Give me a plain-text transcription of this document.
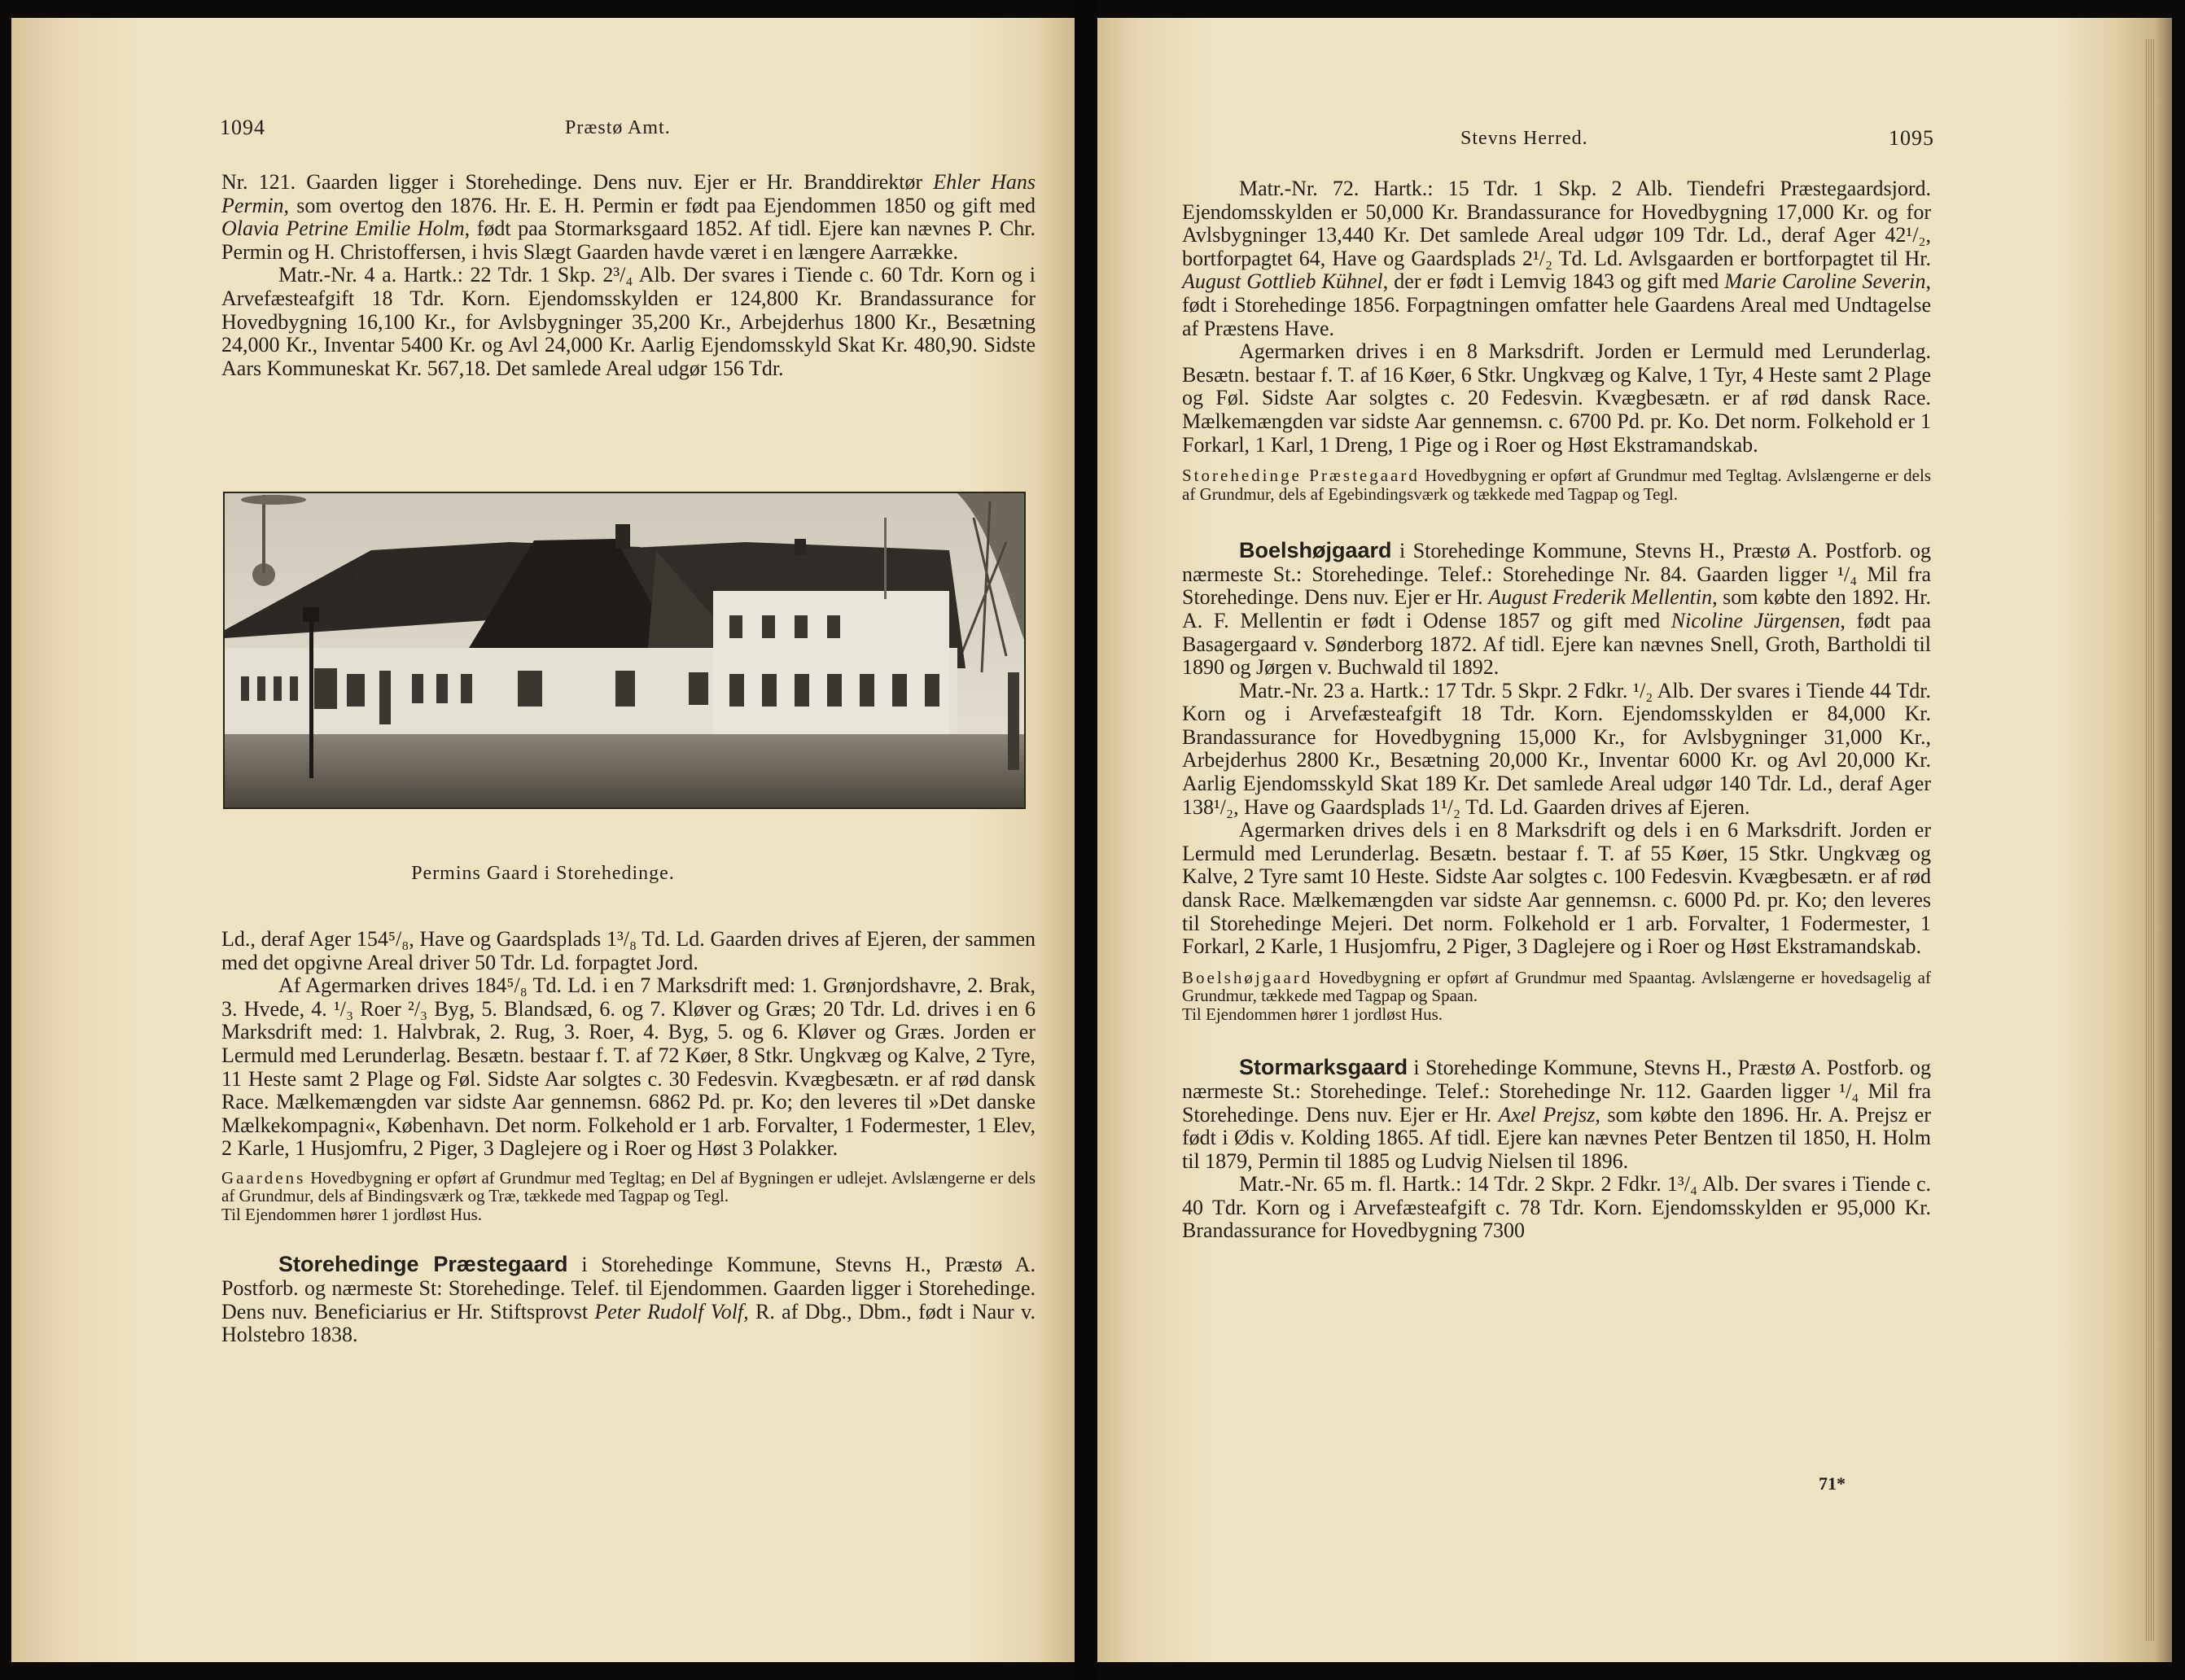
1094	Præstø Amt.

Nr. 121. Gaarden ligger i Storehedinge. Dens nuv. Ejer er Hr. Branddirektør Ehler Hans Permin, som overtog den 1876. Hr. E. H. Permin er født paa Ejendommen 1850 og gift med Olavia Petrine Emilie Holm, født paa Stormarksgaard 1852. Af tidl. Ejere kan nævnes P. Chr. Permin og H. Christoffersen, i hvis Slægt Gaarden havde været i en længere Aarrække.

Matr.-Nr. 4 a. Hartk.: 22 Tdr. 1 Skp. 2³/₄ Alb. Der svares i Tiende c. 60 Tdr. Korn og i Arvefæsteafgift 18 Tdr. Korn. Ejendomsskylden er 124,800 Kr. Brandassurance for Hovedbygning 16,100 Kr., for Avlsbygninger 35,200 Kr., Arbejderhus 1800 Kr., Besætning 24,000 Kr., Inventar 5400 Kr. og Avl 24,000 Kr. Aarlig Ejendomsskyld Skat Kr. 480,90. Sidste Aars Kommuneskat Kr. 567,18. Det samlede Areal udgør 156 Tdr.

Permins Gaard i Storehedinge.

Ld., deraf Ager 154⁵/₈, Have og Gaardsplads 1³/₈ Td. Ld. Gaarden drives af Ejeren, der sammen med det opgivne Areal driver 50 Tdr. Ld. forpagtet Jord.

Af Agermarken drives 184⁵/₈ Td. Ld. i en 7 Marksdrift med: 1. Grønjordshavre, 2. Brak, 3. Hvede, 4. ¹/₃ Roer ²/₃ Byg, 5. Blandsæd, 6. og 7. Kløver og Græs; 20 Tdr. Ld. drives i en 6 Marksdrift med: 1. Halvbrak, 2. Rug, 3. Roer, 4. Byg, 5. og 6. Kløver og Græs. Jorden er Lermuld med Lerunderlag. Besætn. bestaar f. T. af 72 Køer, 8 Stkr. Ungkvæg og Kalve, 2 Tyre, 11 Heste samt 2 Plage og Føl. Sidste Aar solgtes c. 30 Fedesvin. Kvægbesætn. er af rød dansk Race. Mælkemængden var sidste Aar gennemsn. 6862 Pd. pr. Ko; den leveres til »Det danske Mælkekompagni«, København. Det norm. Folkehold er 1 arb. Forvalter, 1 Fodermester, 1 Elev, 2 Karle, 1 Husjomfru, 2 Piger, 3 Daglejere og i Roer og Høst 3 Polakker.

Gaardens Hovedbygning er opført af Grundmur med Tegltag; en Del af Bygningen er udlejet. Avlslængerne er dels af Grundmur, dels af Bindingsværk og Træ, tækkede med Tagpap og Tegl.

Til Ejendommen hører 1 jordløst Hus.

Storehedinge Præstegaard i Storehedinge Kommune, Stevns H., Præstø A. Postforb. og nærmeste St: Storehedinge. Telef. til Ejendommen. Gaarden ligger i Storehedinge. Dens nuv. Beneficiarius er Hr. Stiftsprovst Peter Rudolf Volf, R. af Dbg., Dbm., født i Naur v. Holstebro 1838.

Stevns Herred.	1095

Matr.-Nr. 72. Hartk.: 15 Tdr. 1 Skp. 2 Alb. Tiendefri Præstegaardsjord. Ejendomsskylden er 50,000 Kr. Brandassurance for Hovedbygning 17,000 Kr. og for Avlsbygninger 13,440 Kr. Det samlede Areal udgør 109 Tdr. Ld., deraf Ager 42¹/₂, bortforpagtet 64, Have og Gaardsplads 2¹/₂ Td. Ld. Avlsgaarden er bortforpagtet til Hr. August Gottlieb Kühnel, der er født i Lemvig 1843 og gift med Marie Caroline Severin, født i Storehedinge 1856. Forpagtningen omfatter hele Gaardens Areal med Undtagelse af Præstens Have.

Agermarken drives i en 8 Marksdrift. Jorden er Lermuld med Lerunderlag. Besætn. bestaar f. T. af 16 Køer, 6 Stkr. Ungkvæg og Kalve, 1 Tyr, 4 Heste samt 2 Plage og Føl. Sidste Aar solgtes c. 20 Fedesvin. Kvægbesætn. er af rød dansk Race. Mælkemængden var sidste Aar gennemsn. c. 6700 Pd. pr. Ko. Det norm. Folkehold er 1 Forkarl, 1 Karl, 1 Dreng, 1 Pige og i Roer og Høst Ekstramandskab.

Storehedinge Præstegaard Hovedbygning er opført af Grundmur med Tegltag. Avlslængerne er dels af Grundmur, dels af Egebindingsværk og tækkede med Tagpap og Tegl.

Boelshøjgaard i Storehedinge Kommune, Stevns H., Præstø A. Postforb. og nærmeste St.: Storehedinge. Telef.: Storehedinge Nr. 84. Gaarden ligger ¹/₄ Mil fra Storehedinge. Dens nuv. Ejer er Hr. August Frederik Mellentin, som købte den 1892. Hr. A. F. Mellentin er født i Odense 1857 og gift med Nicoline Jürgensen, født paa Basagergaard v. Sønderborg 1872. Af tidl. Ejere kan nævnes Snell, Groth, Bartholdi til 1890 og Jørgen v. Buchwald til 1892.

Matr.-Nr. 23 a. Hartk.: 17 Tdr. 5 Skpr. 2 Fdkr. ¹/₂ Alb. Der svares i Tiende 44 Tdr. Korn og i Arvefæsteafgift 18 Tdr. Korn. Ejendomsskylden er 84,000 Kr. Brandassurance for Hovedbygning 15,000 Kr., for Avlsbygninger 31,000 Kr., Arbejderhus 2800 Kr., Besætning 20,000 Kr., Inventar 6000 Kr. og Avl 20,000 Kr. Aarlig Ejendomsskyld Skat 189 Kr. Det samlede Areal udgør 140 Tdr. Ld., deraf Ager 138¹/₂, Have og Gaardsplads 1¹/₂ Td. Ld. Gaarden drives af Ejeren.

Agermarken drives dels i en 8 Marksdrift og dels i en 6 Marksdrift. Jorden er Lermuld med Lerunderlag. Besætn. bestaar f. T. af 55 Køer, 15 Stkr. Ungkvæg og Kalve, 2 Tyre samt 10 Heste. Sidste Aar solgtes c. 100 Fedesvin. Kvægbesætn. er af rød dansk Race. Mælkemængden var sidste Aar gennemsn. c. 6000 Pd. pr. Ko; den leveres til Storehedinge Mejeri. Det norm. Folkehold er 1 arb. Forvalter, 1 Fodermester, 1 Forkarl, 2 Karle, 1 Husjomfru, 2 Piger, 3 Daglejere og i Roer og Høst Ekstramandskab.

Boelshøjgaard Hovedbygning er opført af Grundmur med Spaantag. Avlslængerne er hovedsagelig af Grundmur, tækkede med Tagpap og Spaan.

Til Ejendommen hører 1 jordløst Hus.

Stormarksgaard i Storehedinge Kommune, Stevns H., Præstø A. Postforb. og nærmeste St.: Storehedinge. Telef.: Storehedinge Nr. 112. Gaarden ligger ¹/₄ Mil fra Storehedinge. Dens nuv. Ejer er Hr. Axel Prejsz, som købte den 1896. Hr. A. Prejsz er født i Ødis v. Kolding 1865. Af tidl. Ejere kan nævnes Peter Bentzen til 1850, H. Holm til 1879, Permin til 1885 og Ludvig Nielsen til 1896.

Matr.-Nr. 65 m. fl. Hartk.: 14 Tdr. 2 Skpr. 2 Fdkr. 1³/₄ Alb. Der svares i Tiende c. 40 Tdr. Korn og i Arvefæsteafgift c. 78 Tdr. Korn. Ejendomsskylden er 95,000 Kr. Brandassurance for Hovedbygning 7300

71*
